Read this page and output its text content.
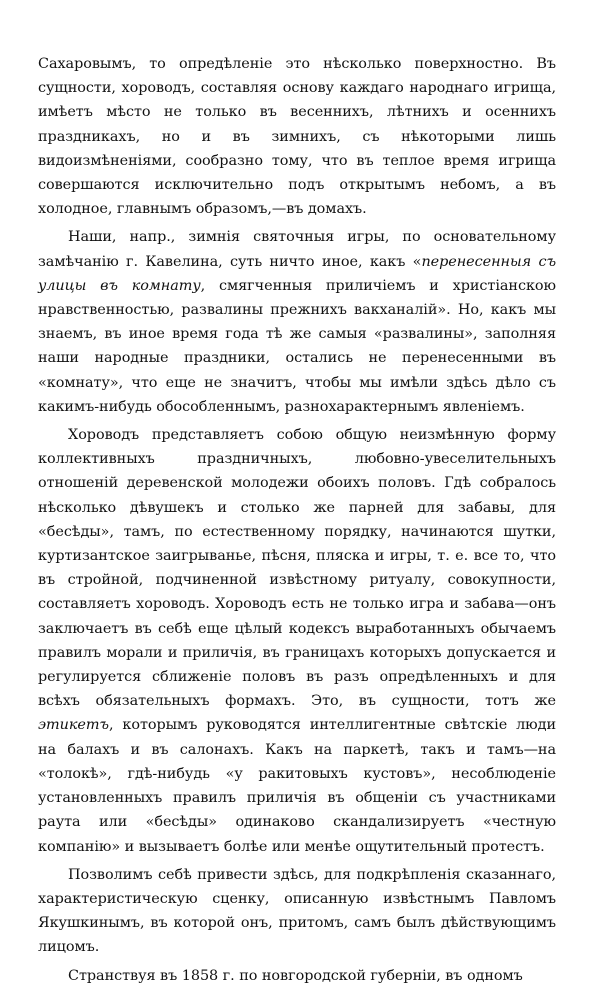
Сахаровымъ, то опредѣленіе это нѣсколько поверхностно. Въ сущности, хороводъ, составляя основу каждаго народнаго игрища, имѣетъ мѣсто не только въ весеннихъ, лѣтнихъ и осеннихъ праздникахъ, но и въ зимнихъ, съ нѣкоторыми лишь видоизмѣненіями, сообразно тому, что въ теплое время игрища совершаются исключительно подъ открытымъ небомъ, а въ холодное, главнымъ образомъ,—въ домахъ.

Наши, напр., зимнія святочныя игры, по основательному замѣчанію г. Кавелина, суть ничто иное, какъ «перенесенныя съ улицы въ комнату, смягченныя приличіемъ и христіанскою нравственностью, развалины прежнихъ вакханалій». Но, какъ мы знаемъ, въ иное время года тѣ же самыя «развалины», заполняя наши народные праздники, остались не перенесенными въ «комнату», что еще не значитъ, чтобы мы имѣли здѣсь дѣло съ какимъ-нибудь обособленнымъ, разнохарактернымъ явленіемъ.

Хороводъ представляетъ собою общую неизмѣнную форму коллективныхъ праздничныхъ, любовно-увеселительныхъ отношеній деревенской молодежи обоихъ половъ. Гдѣ собралось нѣсколько дѣвушекъ и столько же парней для забавы, для «бесѣды», тамъ, по естественному порядку, начинаются шутки, куртизантское заигрыванье, пѣсня, пляска и игры, т. е. все то, что въ стройной, подчиненной извѣстному ритуалу, совокупности, составляетъ хороводъ. Хороводъ есть не только игра и забава—онъ заключаетъ въ себѣ еще цѣлый кодексъ выработанныхъ обычаемъ правилъ морали и приличія, въ границахъ которыхъ допускается и регулируется сближеніе половъ въ разъ опредѣленныхъ и для всѣхъ обязательныхъ формахъ. Это, въ сущности, тотъ же этикетъ, которымъ руководятся интеллигентные свѣтскіе люди на балахъ и въ салонахъ. Какъ на паркетѣ, такъ и тамъ—на «толокѣ», гдѣ-нибудь «у ракитовыхъ кустовъ», несоблюденіе установленныхъ правилъ приличія въ общеніи съ участниками раута или «бесѣды» одинаково скандализируетъ «честную компанію» и вызываетъ болѣе или менѣе ощутительный протестъ.

Позволимъ себѣ привести здѣсь, для подкрѣпленія сказаннаго, характеристическую сценку, описанную извѣстнымъ Павломъ Якушкинымъ, въ которой онъ, притомъ, самъ былъ дѣйствующимъ лицомъ.

Странствуя въ 1858 г. по новгородской губерніи, въ одномъ
